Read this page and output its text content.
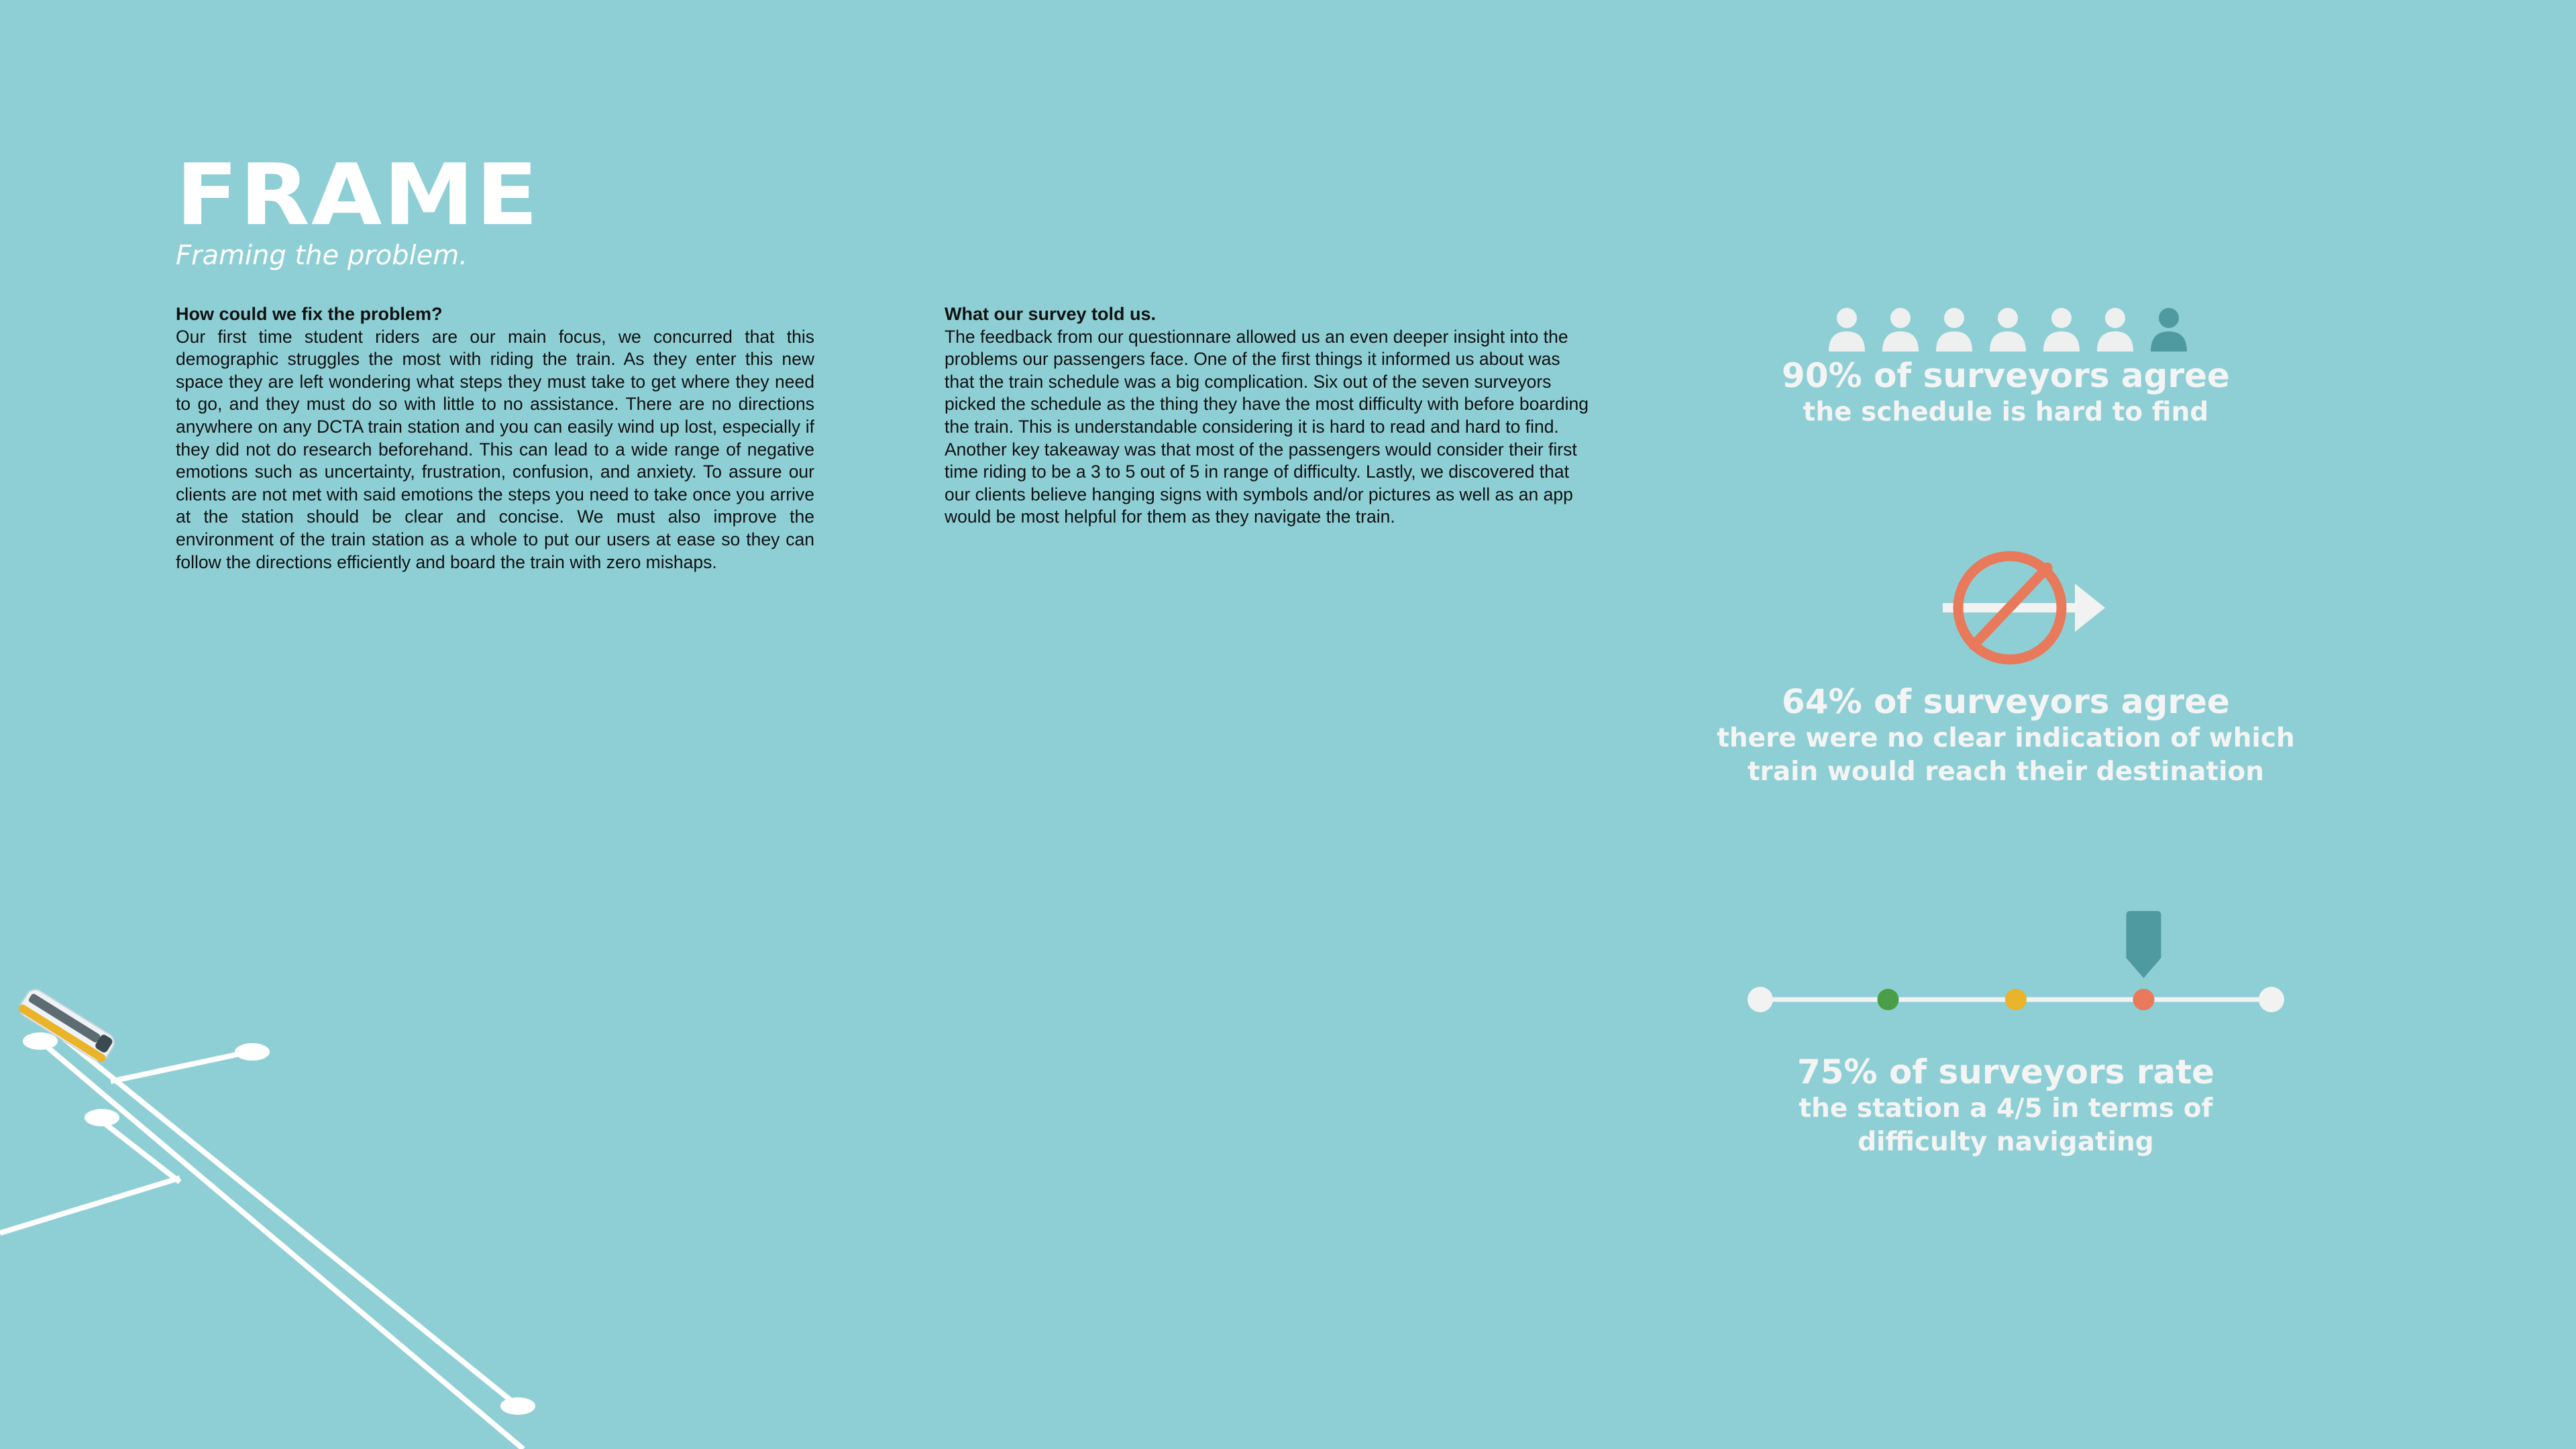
FRAME
Framing the problem.
How could we fix the problem?

Our first time student riders are our main focus, we concurred that this demographic struggles the most with riding the train. As they enter this new space they are left wondering what steps they must take to get where they need to go, and they must do so with little to no assistance. There are no directions anywhere on any DCTA train station and you can easily wind up lost, especially if they did not do research beforehand. This can lead to a wide range of negative emotions such as uncertainty, frustration, confusion, and anxiety. To assure our clients are not met with said emotions the steps you need to take once you arrive at the station should be clear and concise. We must also improve the environment of the train station as a whole to put our users at ease so they can follow the directions efficiently and board the train with zero mishaps.

What our survey told us.

The feedback from our questionnare allowed us an even deeper insight into the problems our passengers face. One of the first things it informed us about was that the train schedule was a big complication. Six out of the seven surveyors picked the schedule as the thing they have the most difficulty with before boarding the train. This is understandable considering it is hard to read and hard to find. Another key takeaway was that most of the passengers would consider their first time riding to be a 3 to 5 out of 5 in range of difficulty. Lastly, we discovered that our clients believe hanging signs with symbols and/or pictures as well as an app would be most helpful for them as they navigate the train.

90% of surveyors agree
the schedule is hard to find
64% of surveyors agree
there were no clear indication of which
train would reach their destination
75% of surveyors rate
the station a 4/5 in terms of
difficulty navigating
